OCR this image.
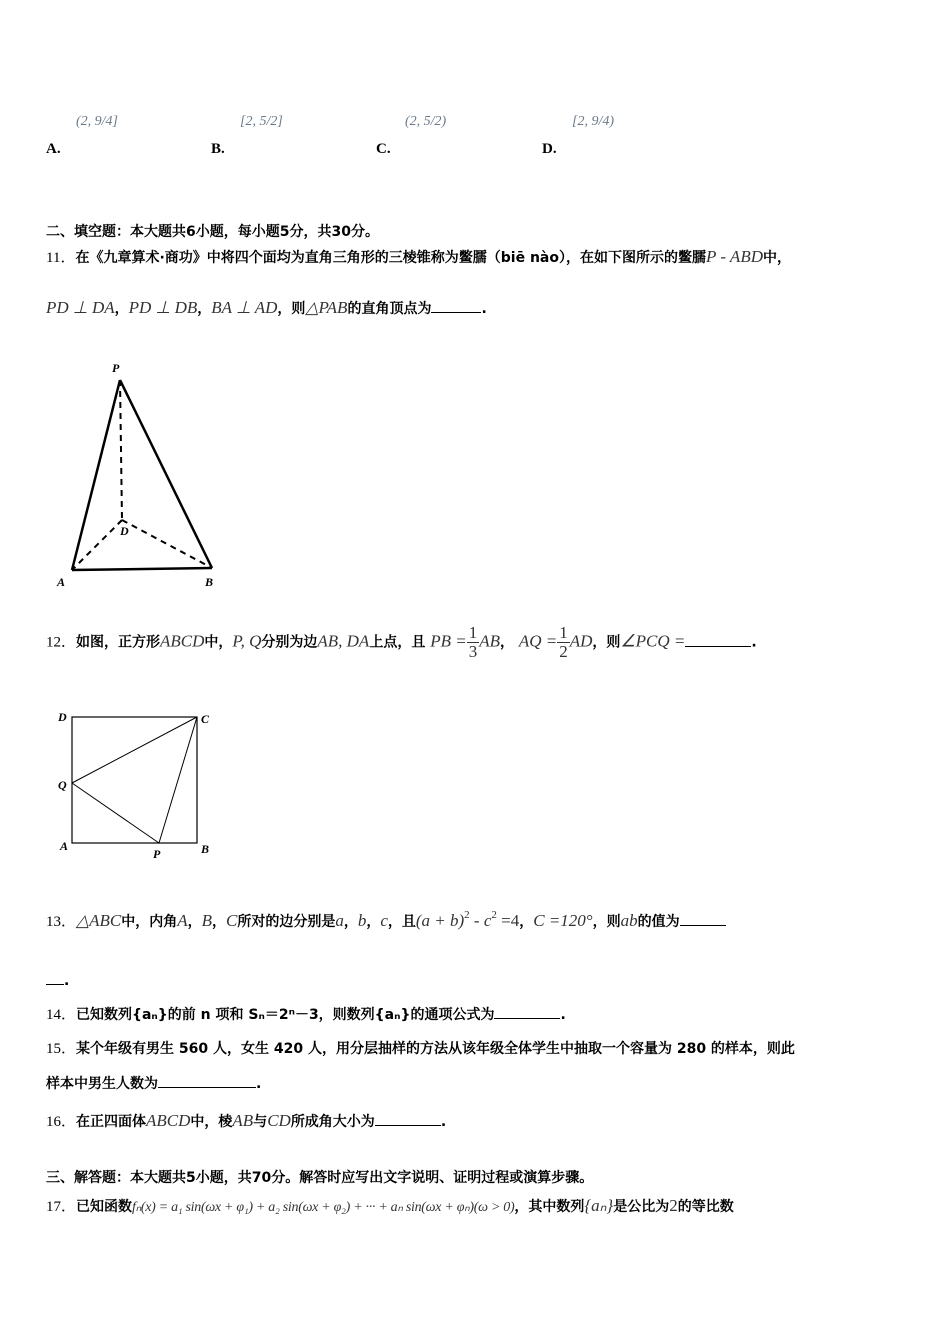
(2, 9/4]	[2, 5/2]	(2, 5/2)	[2, 9/4)
A.	B.	C.	D.
二、填空题：本大题共6小题，每小题5分，共30分。
11．在《九章算术·商功》中将四个面均为直角三角形的三棱锥称为鳖臑（biē nào），在如下图所示的鳖臑P - ABD中，
PD ⊥ DA，PD ⊥ DB，BA ⊥ AD，则△PAB的直角顶点为	.
P
D
A	B
12．如图，正方形ABCD中，P, Q分别为边AB, DA上点，且 PB = $\frac{1}{3}$ AB， AQ = $\frac{1}{2}$ AD，则∠PCQ =	.
D	C
Q
A
P	B
13．△ABC中，内角A，B，C所对的边分别是a，b，c，且$(a + b)^2 - c^2 =4$，C =120°，则ab的值为
.
14．已知数列{aₙ}的前 n 项和 Sₙ＝2ⁿ－3，则数列{aₙ}的通项公式为	.
15．某个年级有男生 560 人，女生 420 人，用分层抽样的方法从该年级全体学生中抽取一个容量为 280 的样本，则此
样本中男生人数为	.
16．在正四面体ABCD中，棱AB与CD所成角大小为	.
三、解答题：本大题共5小题，共70分。解答时应写出文字说明、证明过程或演算步骤。
17．已知函数fₙ(x) = a₁ sin(ωx + φ₁) + a₂ sin(ωx + φ₂) + ··· + aₙ sin(ωx + φₙ)(ω > 0)，其中数列{aₙ}是公比为2的等比数
